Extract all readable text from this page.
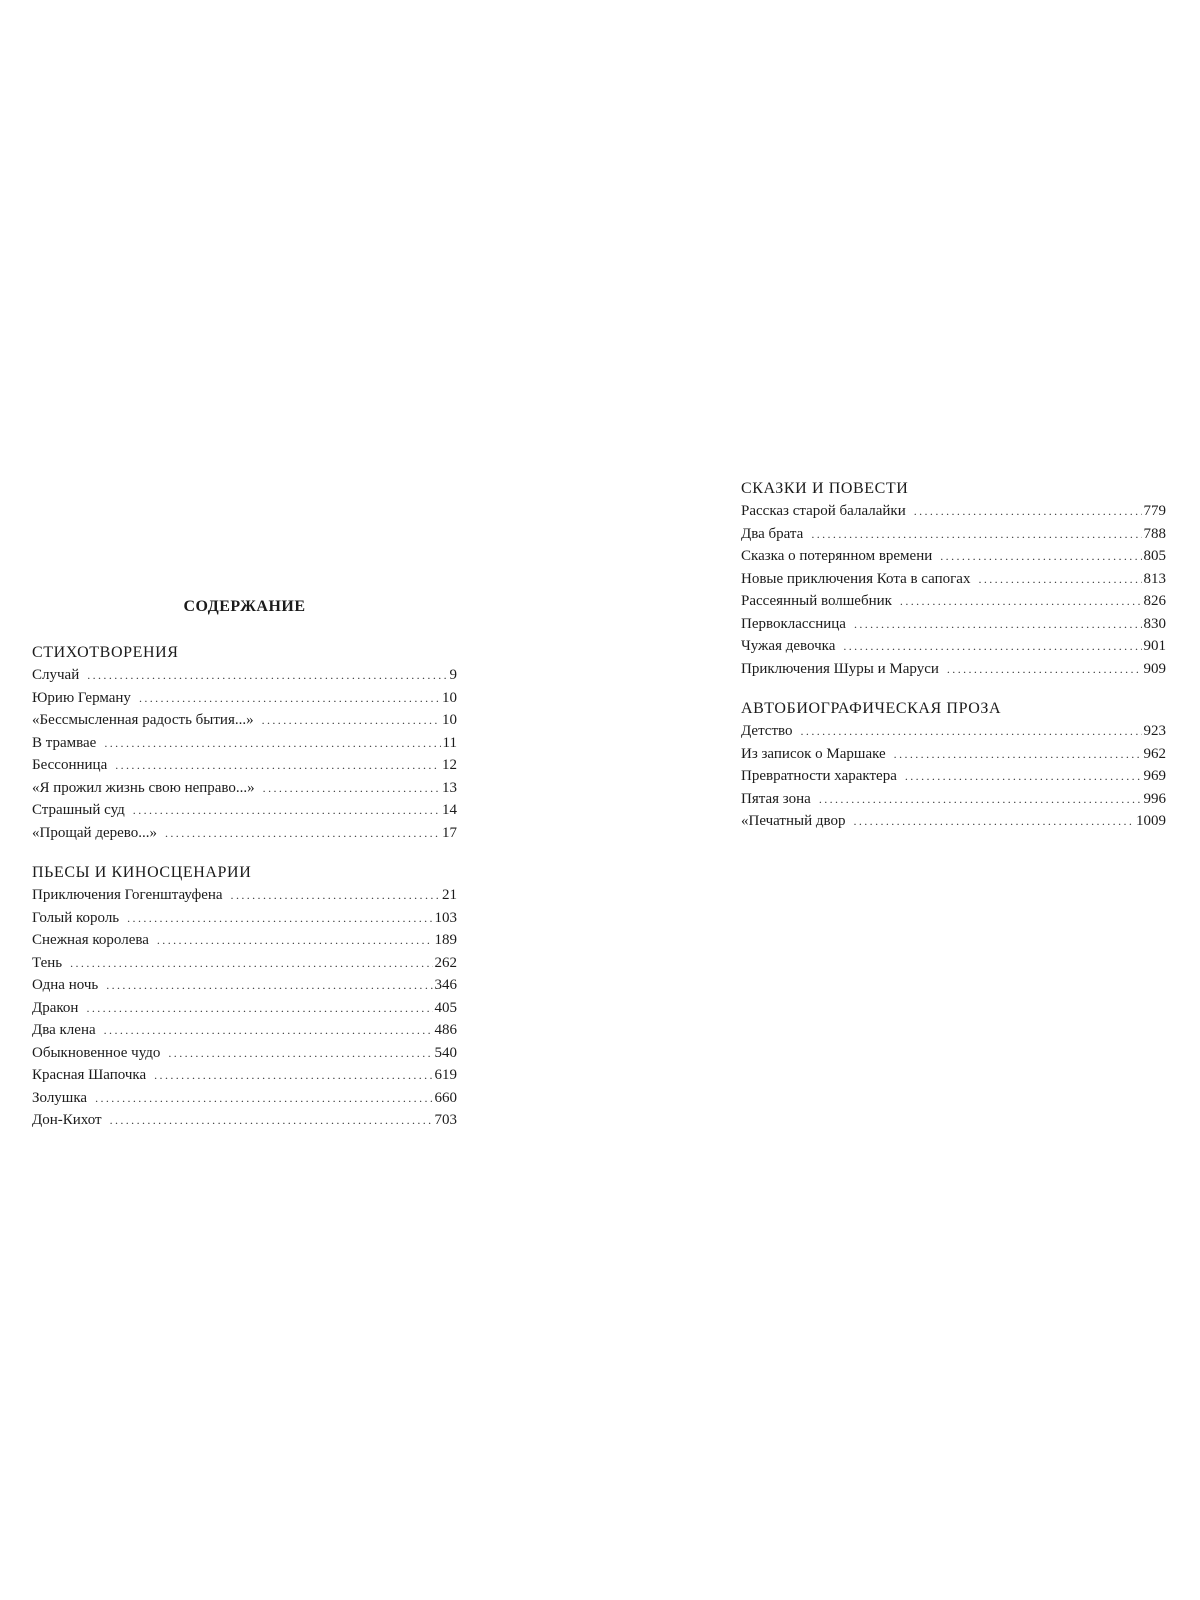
СОДЕРЖАНИЕ
СТИХОТВОРЕНИЯ
Случай .....	9
Юрию Герману .....	10
«Бессмысленная радость бытия...» .....	10
В трамвае .....	11
Бессонница .....	12
«Я прожил жизнь свою неправо...» .....	13
Страшный суд .....	14
«Прощай дерево...» .....	17
ПЬЕСЫ И КИНОСЦЕНАРИИ
Приключения Гогенштауфена .....	21
Голый король .....	103
Снежная королева .....	189
Тень .....	262
Одна ночь .....	346
Дракон .....	405
Два клена .....	486
Обыкновенное чудо .....	540
Красная Шапочка .....	619
Золушка .....	660
Дон-Кихот .....	703
СКАЗКИ И ПОВЕСТИ
Рассказ старой балалайки .....	779
Два брата .....	788
Сказка о потерянном времени .....	805
Новые приключения Кота в сапогах .....	813
Рассеянный волшебник .....	826
Первоклассница .....	830
Чужая девочка .....	901
Приключения Шуры и Маруси .....	909
АВТОБИОГРАФИЧЕСКАЯ ПРОЗА
Детство .....	923
Из записок о Маршаке .....	962
Превратности характера .....	969
Пятая зона .....	996
«Печатный двор .....	1009
